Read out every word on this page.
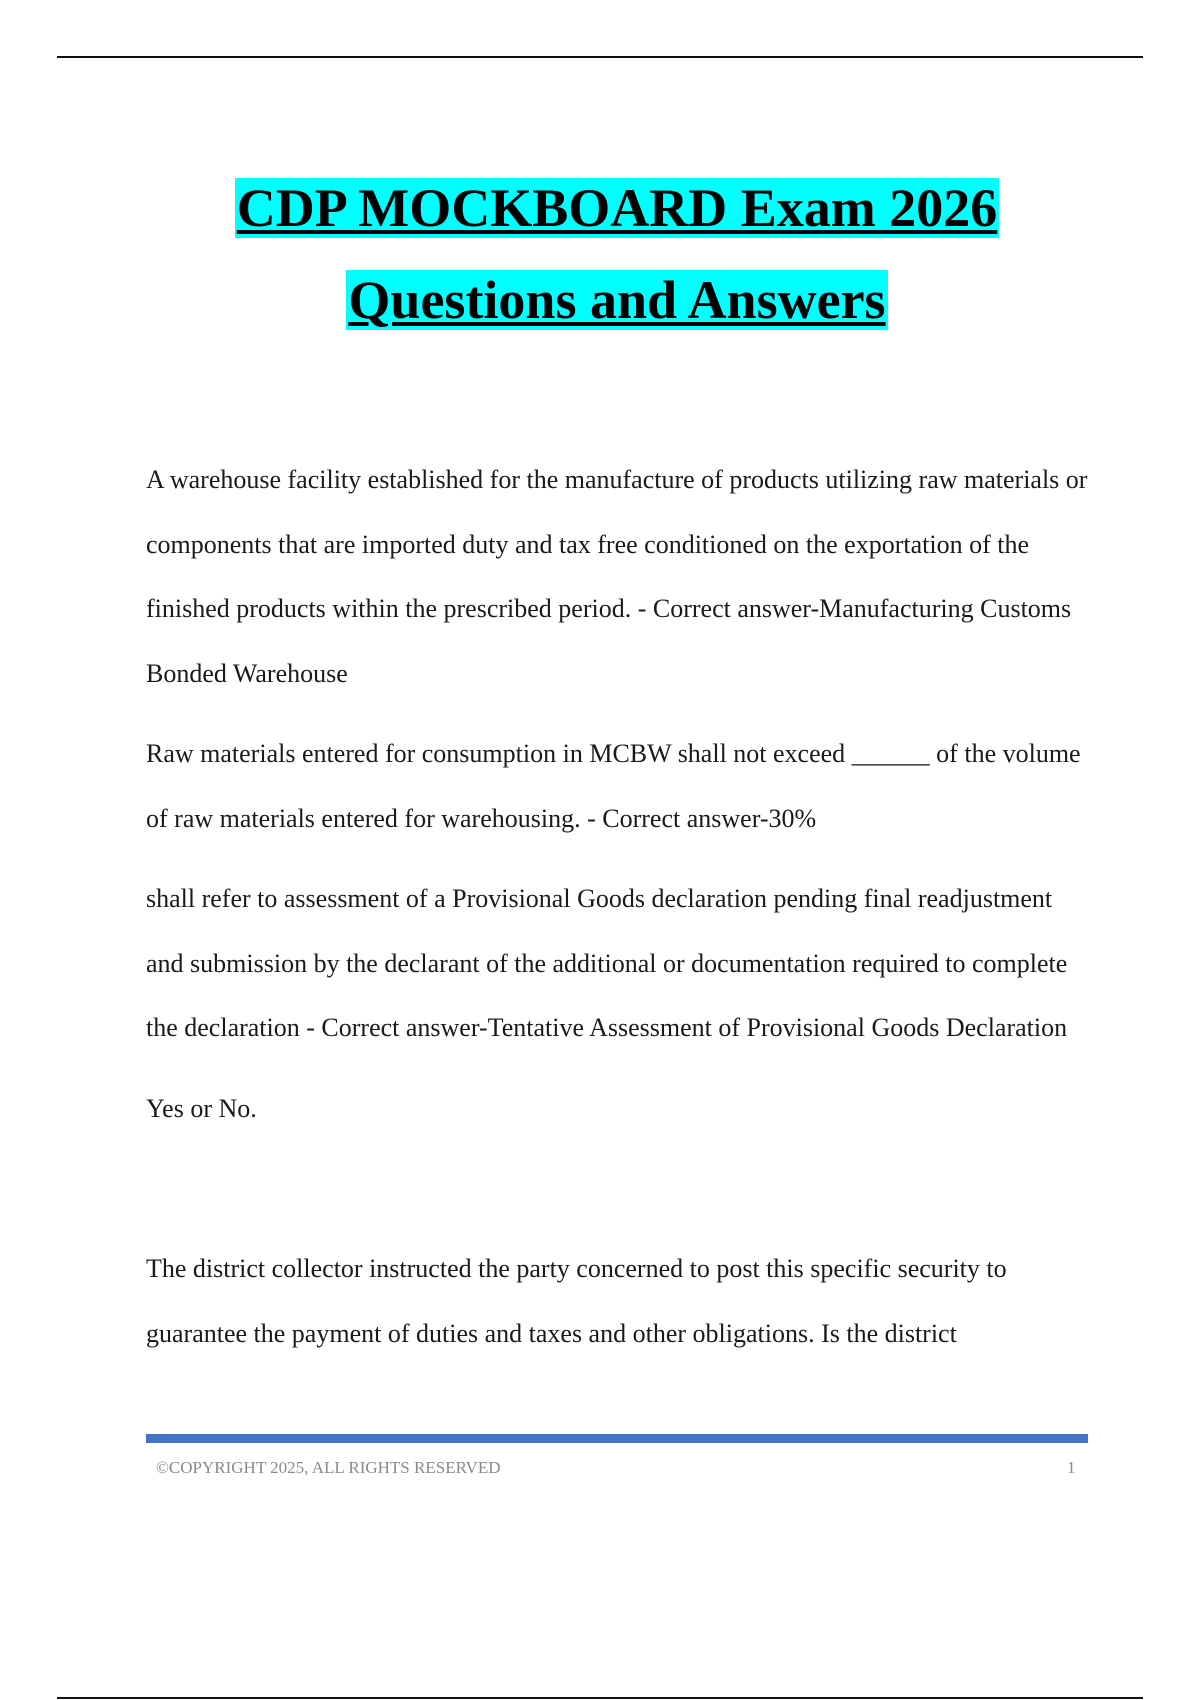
CDP MOCKBOARD Exam 2026
Questions and Answers

A warehouse facility established for the manufacture of products utilizing raw materials or components that are imported duty and tax free conditioned on the exportation of the finished products within the prescribed period. - Correct answer-Manufacturing Customs Bonded Warehouse

Raw materials entered for consumption in MCBW shall not exceed ______ of the volume of raw materials entered for warehousing. - Correct answer-30%

shall refer to assessment of a Provisional Goods declaration pending final readjustment and submission by the declarant of the additional or documentation required to complete the declaration - Correct answer-Tentative Assessment of Provisional Goods Declaration

Yes or No.

The district collector instructed the party concerned to post this specific security to guarantee the payment of duties and taxes and other obligations. Is the district

©COPYRIGHT 2025, ALL RIGHTS RESERVED	1
